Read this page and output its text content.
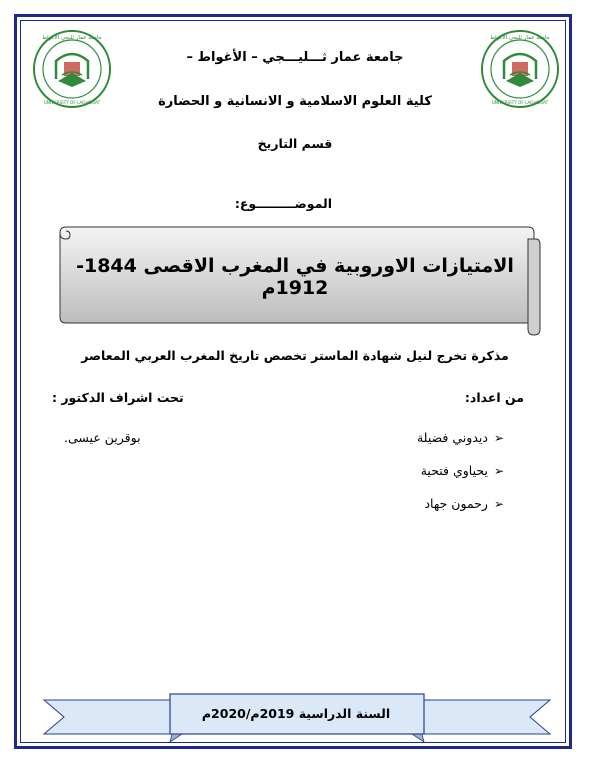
جامعة عمار ثليجي الأغواط
UNIVERSITY OF LAGHOUAT
جامعة عمار ثليجي الأغواط
UNIVERSITY OF LAGHOUAT
جامعة عمار ثـــليـــجي – الأغواط –
كلية العلوم الاسلامية و الانسانية و الحضارة
قسم التاريخ
الموضـــــــــوع:
الامتيازات الاوروبية في المغرب الاقصى 1844-1912م
مذكرة تخرج لنيل شهادة الماستر تخصص تاريخ المغرب العربي المعاصر
من اعداد:
تحت اشراف الدكتور :
➢
ديدوني فضيلة
➢
يحياوي فتحية
➢
رحمون جهاد
بوقرين عيسى.
السنة الدراسية 2019م/2020م
